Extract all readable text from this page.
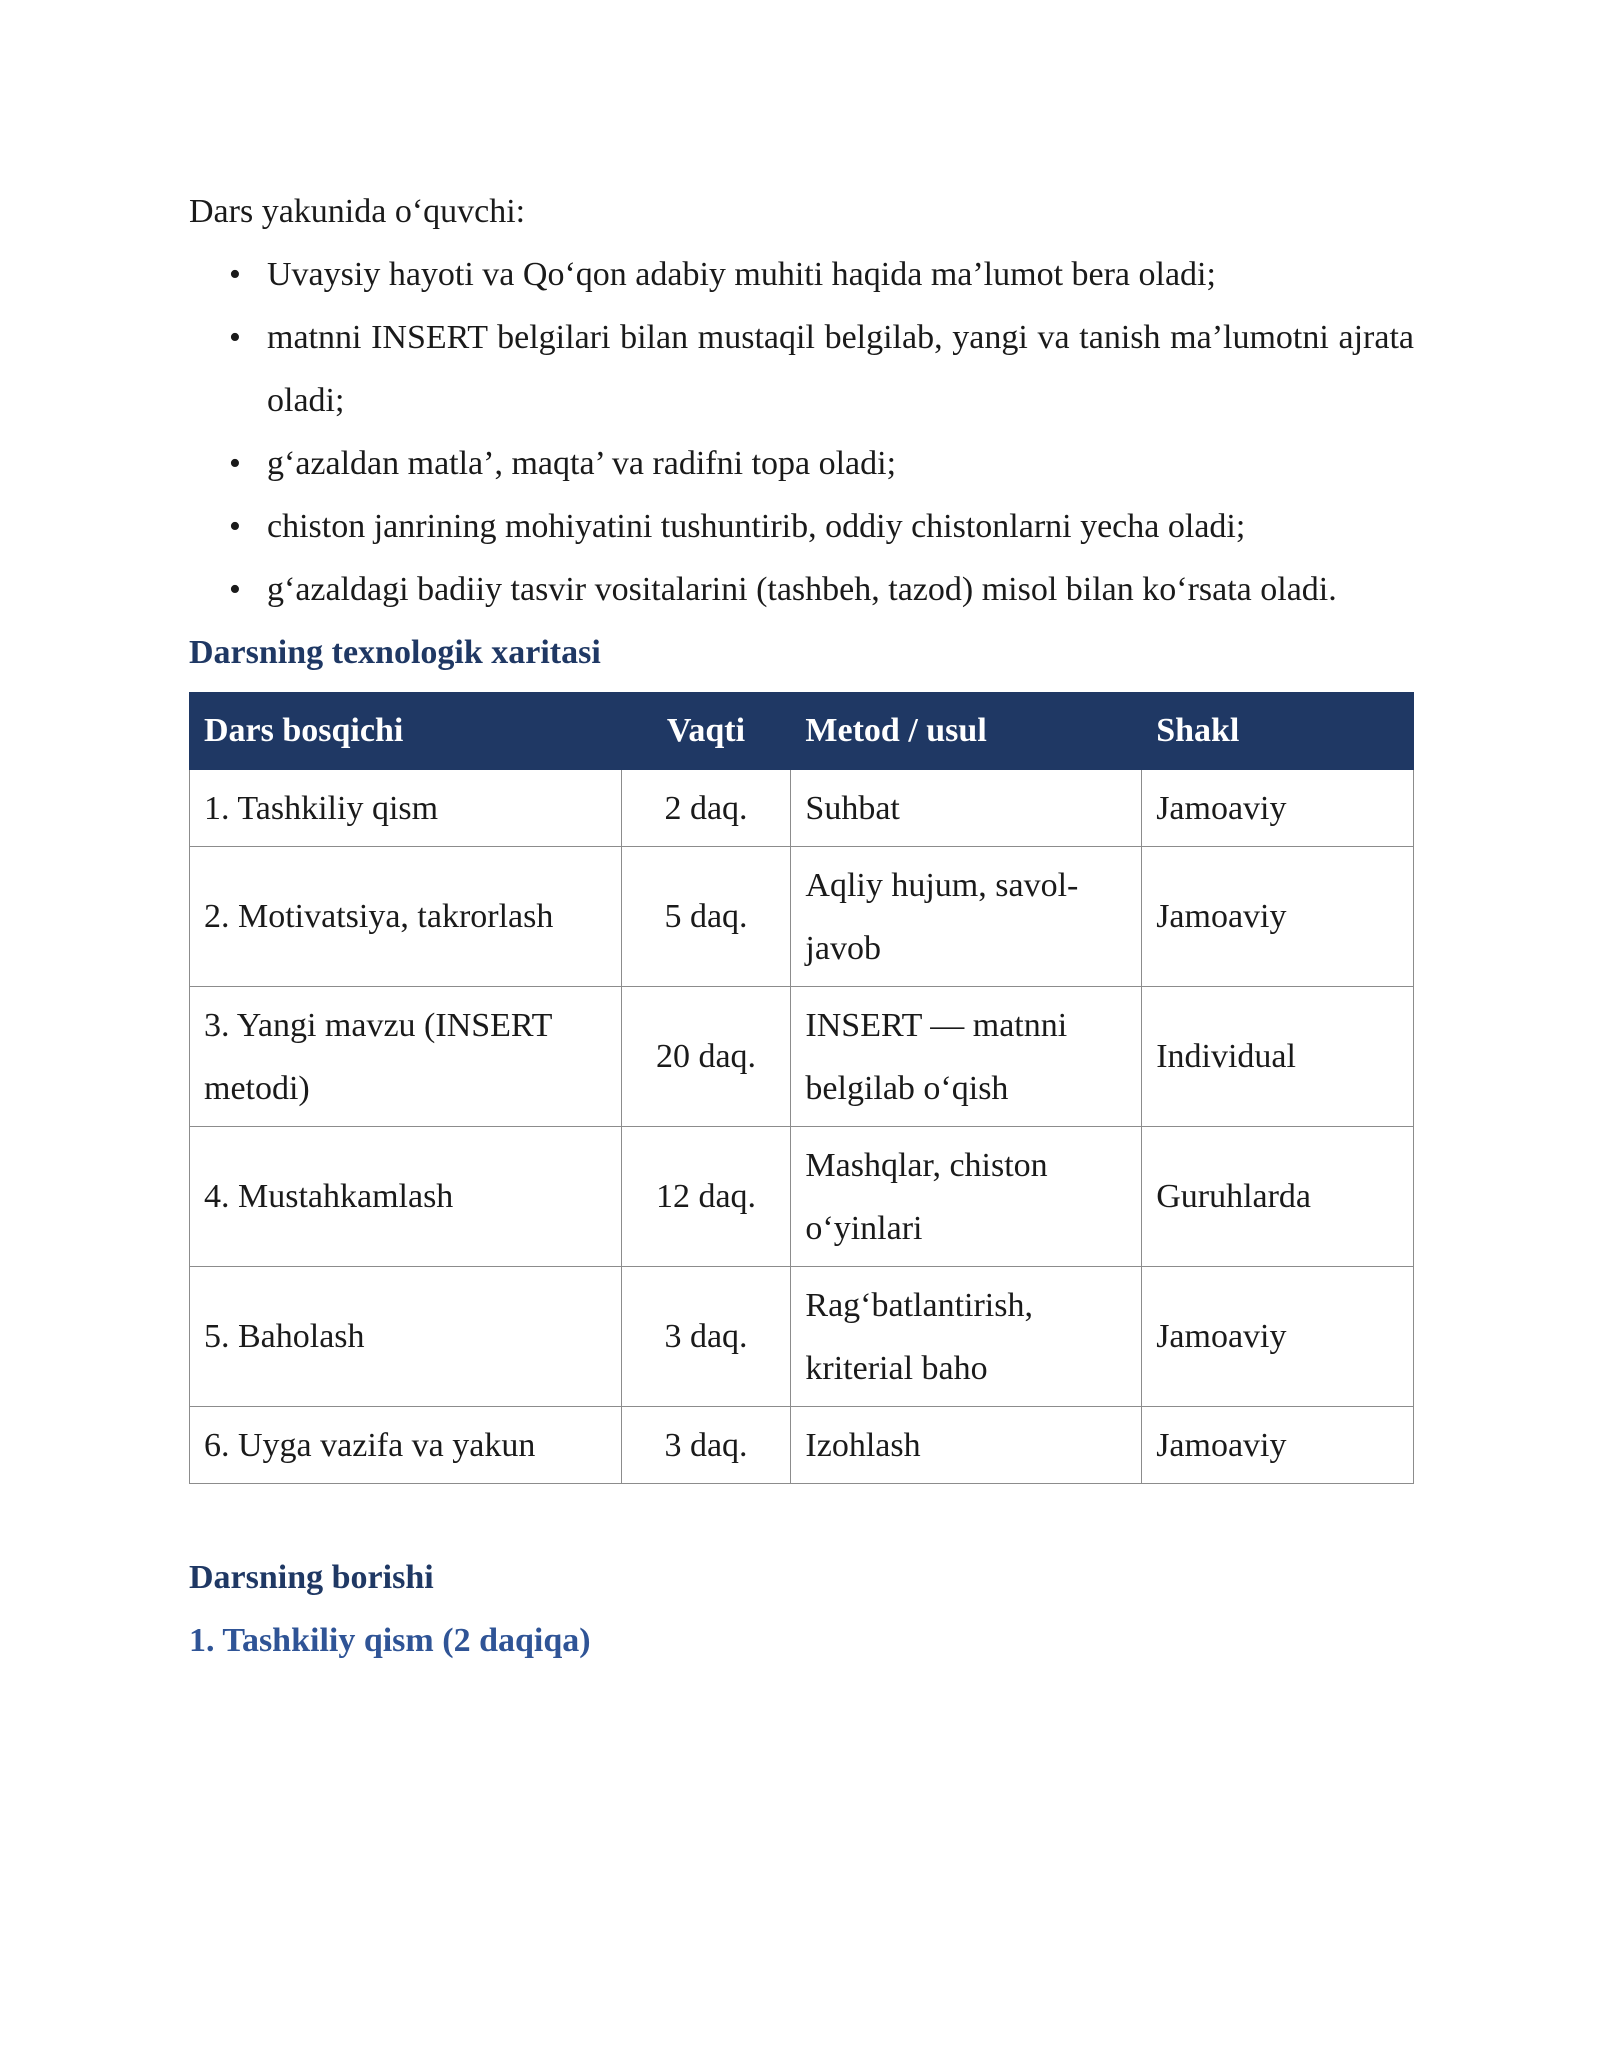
Dars yakunida o‘quvchi:

• Uvaysiy hayoti va Qo‘qon adabiy muhiti haqida ma’lumot bera oladi;
• matnni INSERT belgilari bilan mustaqil belgilab, yangi va tanish ma’lumotni ajrata oladi;
• g‘azaldan matla’, maqta’ va radifni topa oladi;
• chiston janrining mohiyatini tushuntirib, oddiy chistonlarni yecha oladi;
• g‘azaldagi badiiy tasvir vositalarini (tashbeh, tazod) misol bilan ko‘rsata oladi.
Darsning texnologik xaritasi
Dars bosqichi	Vaqti	Metod / usul	Shakl
1. Tashkiliy qism	2 daq.	Suhbat	Jamoaviy
2. Motivatsiya, takrorlash	5 daq.	Aqliy hujum, savol-javob	Jamoaviy
3. Yangi mavzu (INSERT metodi)	20 daq.	INSERT — matnni belgilab o‘qish	Individual
4. Mustahkamlash	12 daq.	Mashqlar, chiston o‘yinlari	Guruhlarda
5. Baholash	3 daq.	Rag‘batlantirish, kriterial baho	Jamoaviy
6. Uyga vazifa va yakun	3 daq.	Izohlash	Jamoaviy
Darsning borishi
1. Tashkiliy qism (2 daqiqa)
